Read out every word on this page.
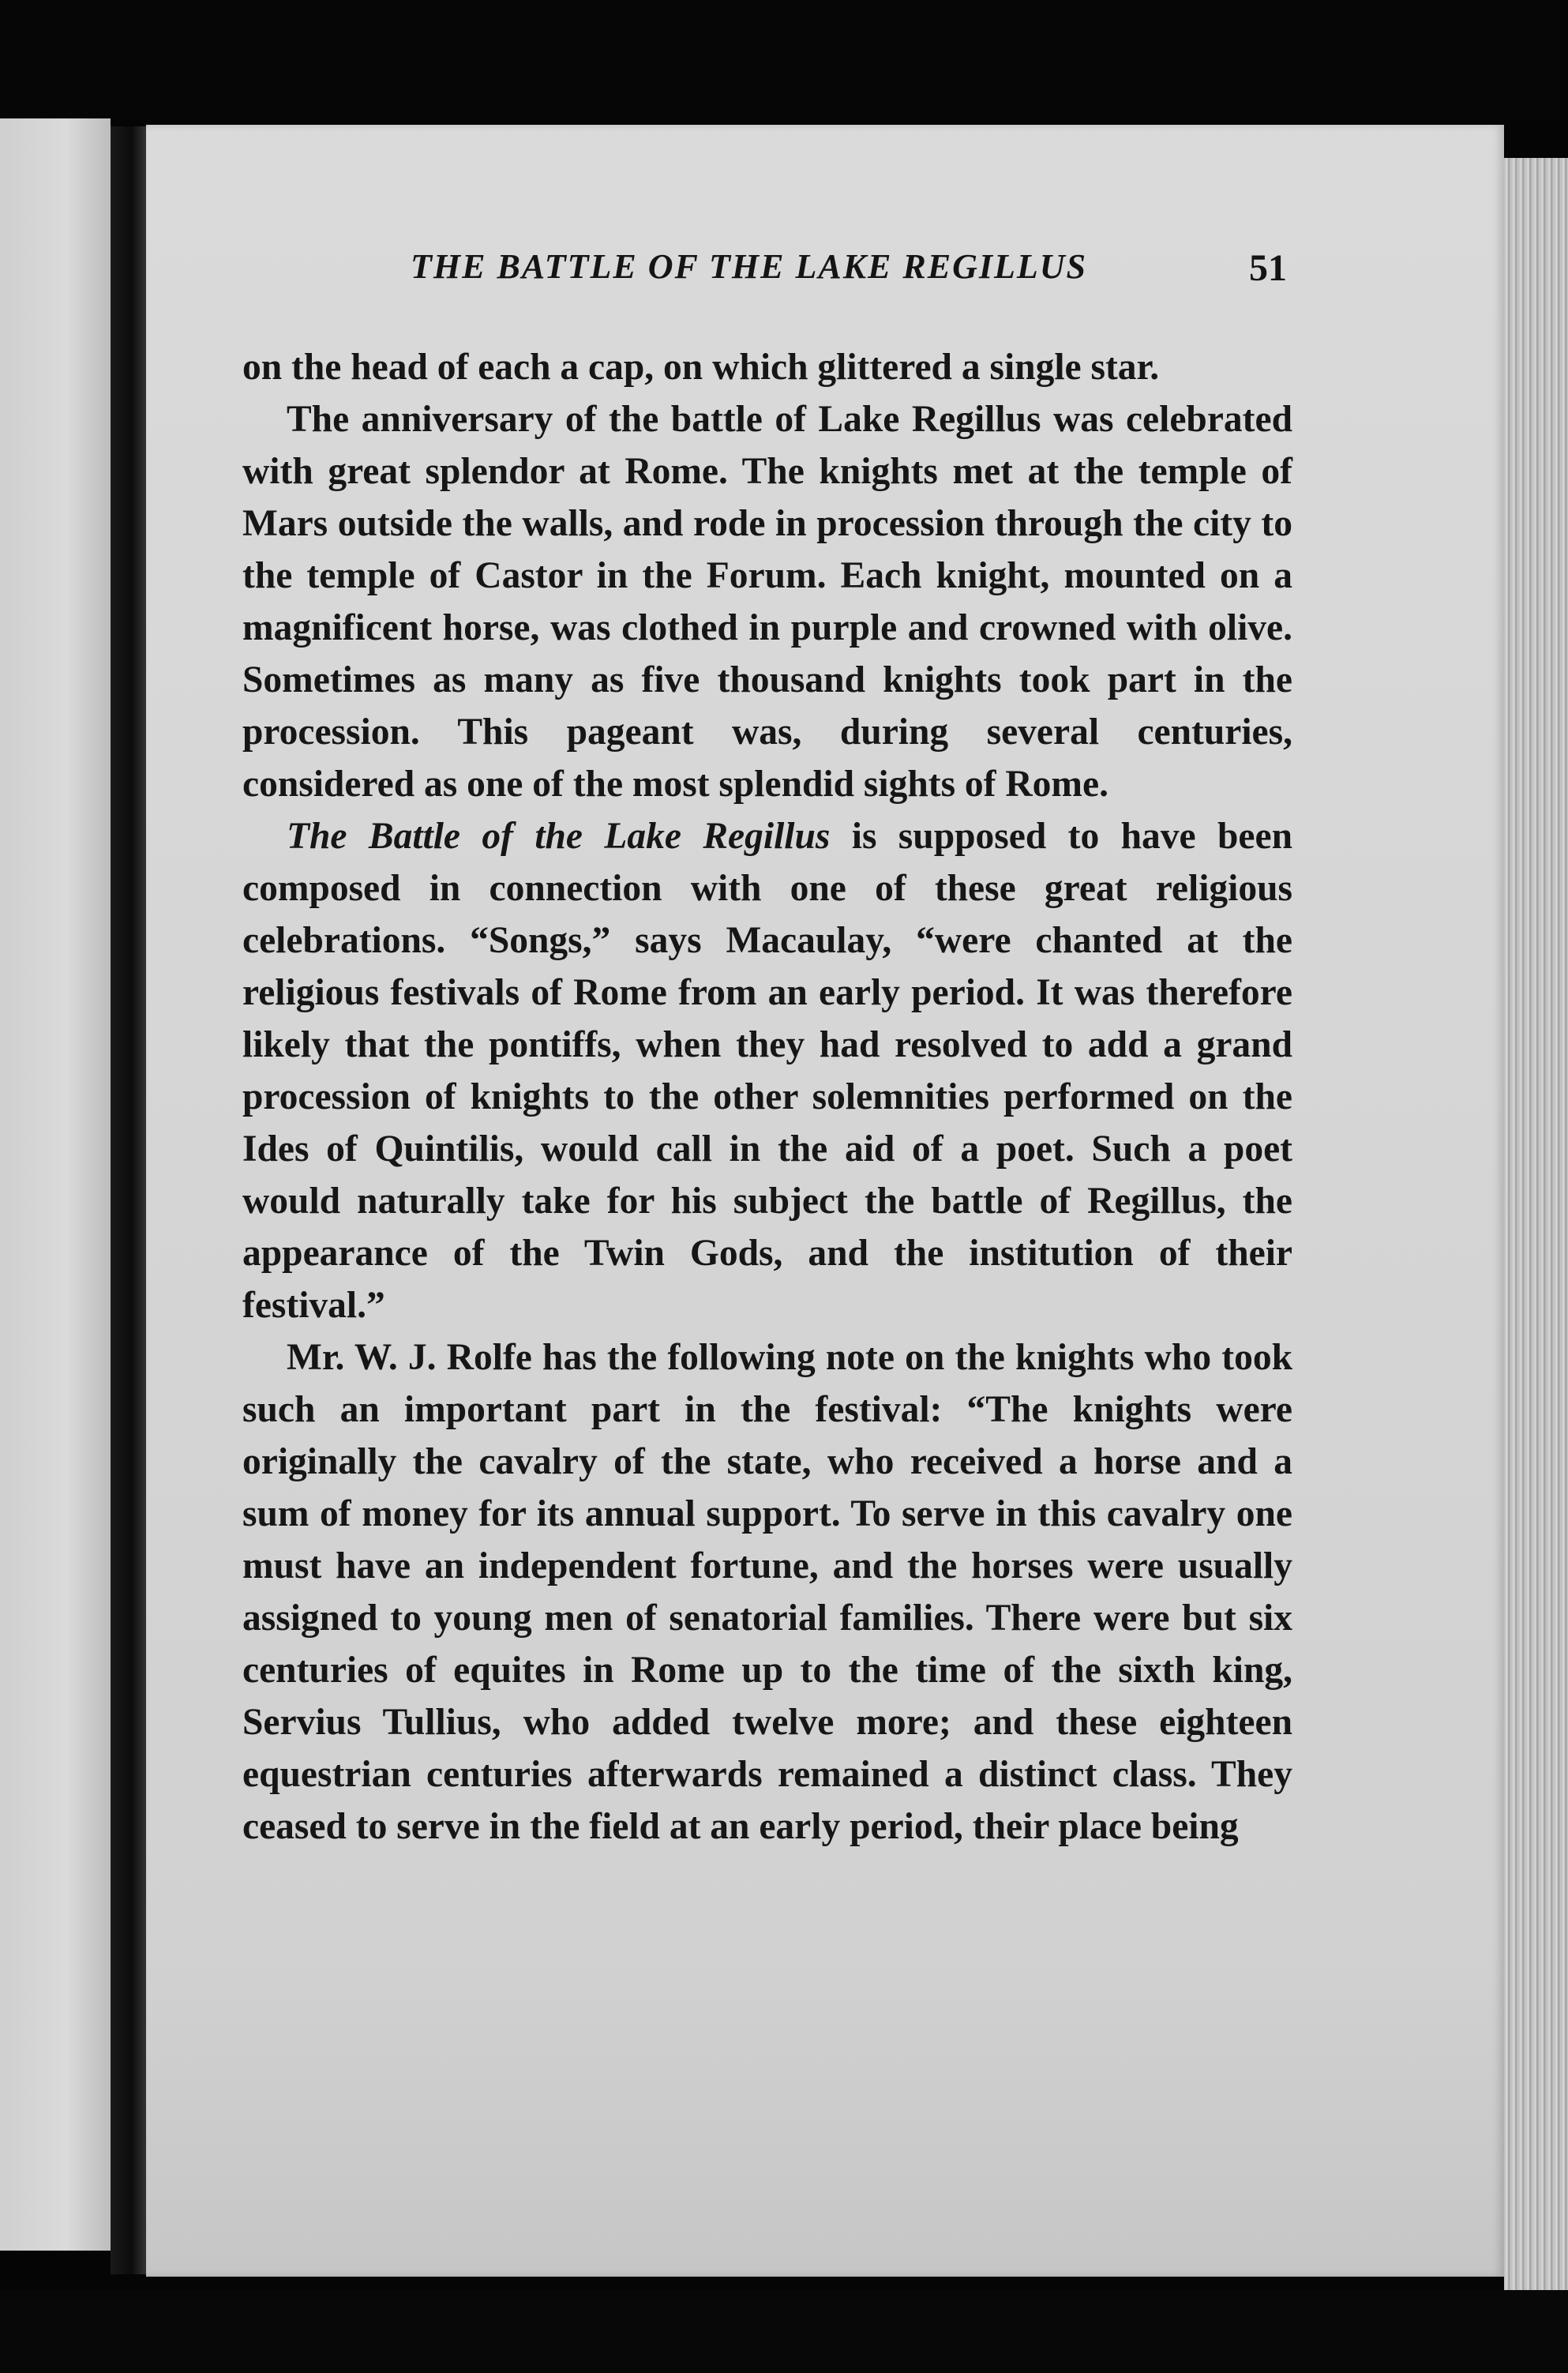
THE BATTLE OF THE LAKE REGILLUS	51

on the head of each a cap, on which glittered a single star.

The anniversary of the battle of Lake Regillus was celebrated with great splendor at Rome. The knights met at the temple of Mars outside the walls, and rode in procession through the city to the temple of Castor in the Forum. Each knight, mounted on a magnificent horse, was clothed in purple and crowned with olive. Sometimes as many as five thousand knights took part in the procession. This pageant was, during several centuries, considered as one of the most splendid sights of Rome.

The Battle of the Lake Regillus is supposed to have been composed in connection with one of these great religious celebrations. “Songs,” says Macaulay, “were chanted at the religious festivals of Rome from an early period. It was therefore likely that the pontiffs, when they had resolved to add a grand procession of knights to the other solemnities performed on the Ides of Quintilis, would call in the aid of a poet. Such a poet would naturally take for his subject the battle of Regillus, the appearance of the Twin Gods, and the institution of their festival.”

Mr. W. J. Rolfe has the following note on the knights who took such an important part in the festival: “The knights were originally the cavalry of the state, who received a horse and a sum of money for its annual support. To serve in this cavalry one must have an independent fortune, and the horses were usually assigned to young men of senatorial families. There were but six centuries of equites in Rome up to the time of the sixth king, Servius Tullius, who added twelve more; and these eighteen equestrian centuries afterwards remained a distinct class. They ceased to serve in the field at an early period, their place being
